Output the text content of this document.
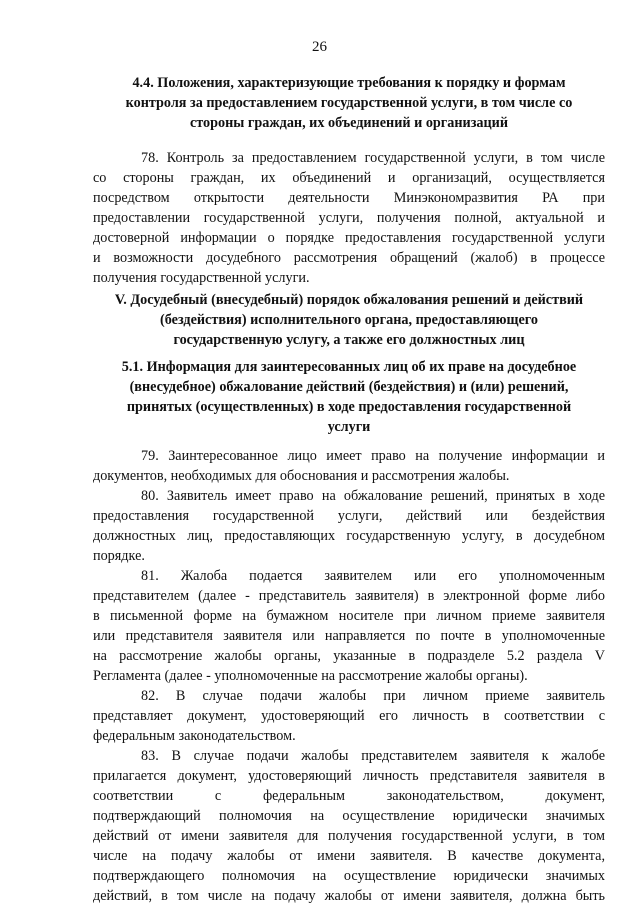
26
4.4. Положения, характеризующие требования к порядку и формам
контроля за предоставлением государственной услуги, в том числе со
стороны граждан, их объединений и организаций
78. Контроль за предоставлением государственной услуги, в том числе
со стороны граждан, их объединений и организаций, осуществляется
посредством открытости деятельности Минэкономразвития РА при
предоставлении государственной услуги, получения полной, актуальной и
достоверной информации о порядке предоставления государственной услуги
и возможности досудебного рассмотрения обращений (жалоб) в процессе
получения государственной услуги.
V. Досудебный (внесудебный) порядок обжалования решений и действий
(бездействия) исполнительного органа, предоставляющего
государственную услугу, а также его должностных лиц
5.1. Информация для заинтересованных лиц об их праве на досудебное
(внесудебное) обжалование действий (бездействия) и (или) решений,
принятых (осуществленных) в ходе предоставления государственной
услуги
79. Заинтересованное лицо имеет право на получение информации и
документов, необходимых для обоснования и рассмотрения жалобы.
80. Заявитель имеет право на обжалование решений, принятых в ходе
предоставления государственной услуги, действий или бездействия
должностных лиц, предоставляющих государственную услугу, в досудебном
порядке.
81. Жалоба подается заявителем или его уполномоченным
представителем (далее - представитель заявителя) в электронной форме либо
в письменной форме на бумажном носителе при личном приеме заявителя
или представителя заявителя или направляется по почте в уполномоченные
на рассмотрение жалобы органы, указанные в подразделе 5.2 раздела V
Регламента (далее - уполномоченные на рассмотрение жалобы органы).
82. В случае подачи жалобы при личном приеме заявитель
представляет документ, удостоверяющий его личность в соответствии с
федеральным законодательством.
83. В случае подачи жалобы представителем заявителя к жалобе
прилагается документ, удостоверяющий личность представителя заявителя в
соответствии с федеральным законодательством, документ,
подтверждающий полномочия на осуществление юридически значимых
действий от имени заявителя для получения государственной услуги, в том
числе на подачу жалобы от имени заявителя. В качестве документа,
подтверждающего полномочия на осуществление юридически значимых
действий, в том числе на подачу жалобы от имени заявителя, должна быть
